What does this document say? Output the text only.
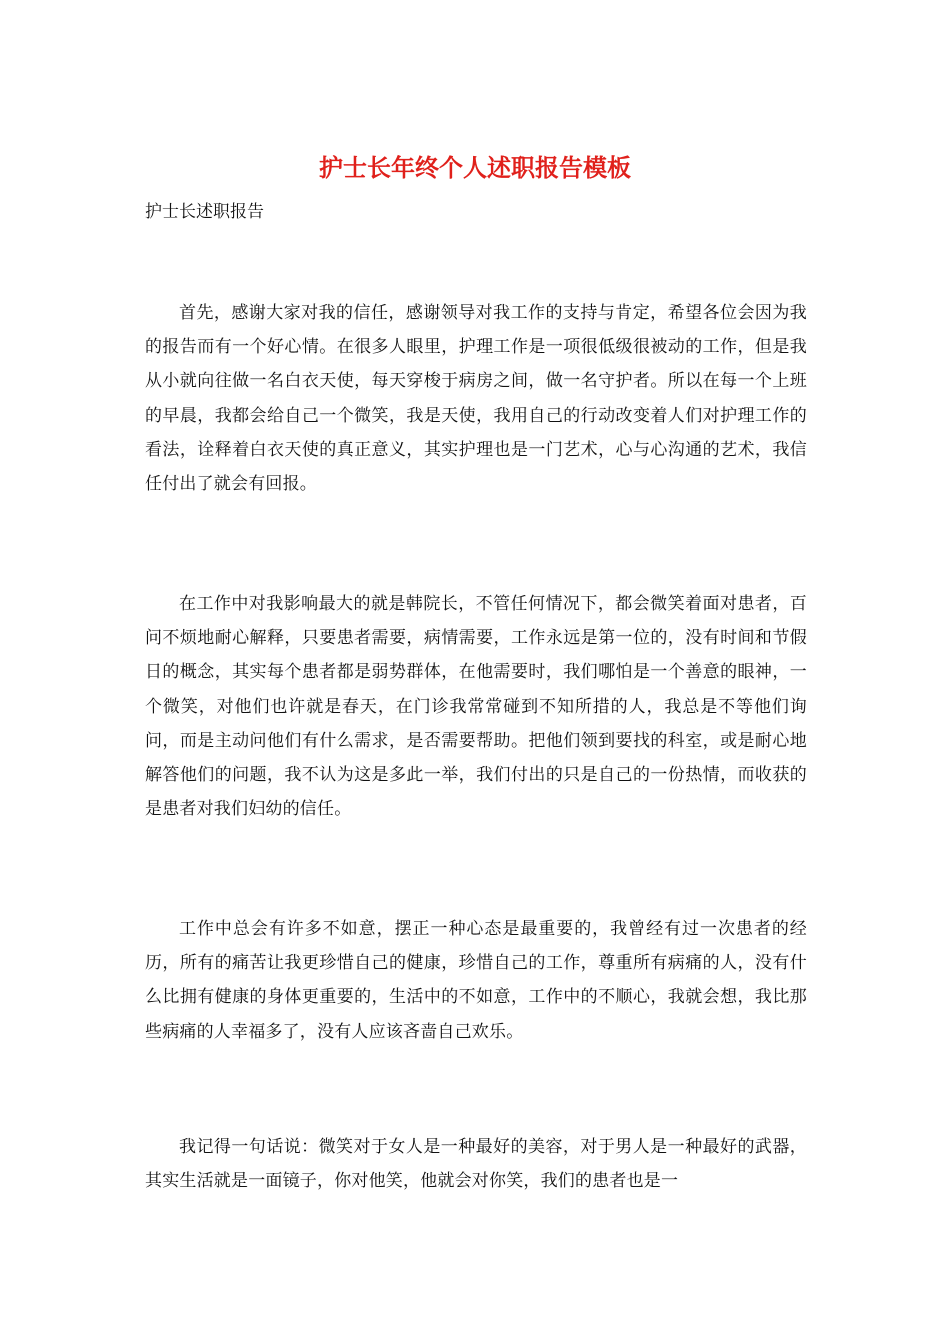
护士长年终个人述职报告模板

护士长述职报告

首先，感谢大家对我的信任，感谢领导对我工作的支持与肯定，希望各位会因为我的报告而有一个好心情。在很多人眼里，护理工作是一项很低级很被动的工作，但是我从小就向往做一名白衣天使，每天穿梭于病房之间，做一名守护者。所以在每一个上班的早晨，我都会给自己一个微笑，我是天使，我用自己的行动改变着人们对护理工作的看法，诠释着白衣天使的真正意义，其实护理也是一门艺术，心与心沟通的艺术，我信任付出了就会有回报。

在工作中对我影响最大的就是韩院长，不管任何情况下，都会微笑着面对患者，百问不烦地耐心解释，只要患者需要，病情需要，工作永远是第一位的，没有时间和节假日的概念，其实每个患者都是弱势群体，在他需要时，我们哪怕是一个善意的眼神，一个微笑，对他们也许就是春天，在门诊我常常碰到不知所措的人，我总是不等他们询问，而是主动问他们有什么需求，是否需要帮助。把他们领到要找的科室，或是耐心地解答他们的问题，我不认为这是多此一举，我们付出的只是自己的一份热情，而收获的是患者对我们妇幼的信任。

工作中总会有许多不如意，摆正一种心态是最重要的，我曾经有过一次患者的经历，所有的痛苦让我更珍惜自己的健康，珍惜自己的工作，尊重所有病痛的人，没有什么比拥有健康的身体更重要的，生活中的不如意，工作中的不顺心，我就会想，我比那些病痛的人幸福多了，没有人应该吝啬自己欢乐。

我记得一句话说：微笑对于女人是一种最好的美容，对于男人是一种最好的武器，其实生活就是一面镜子，你对他笑，他就会对你笑，我们的患者也是一
